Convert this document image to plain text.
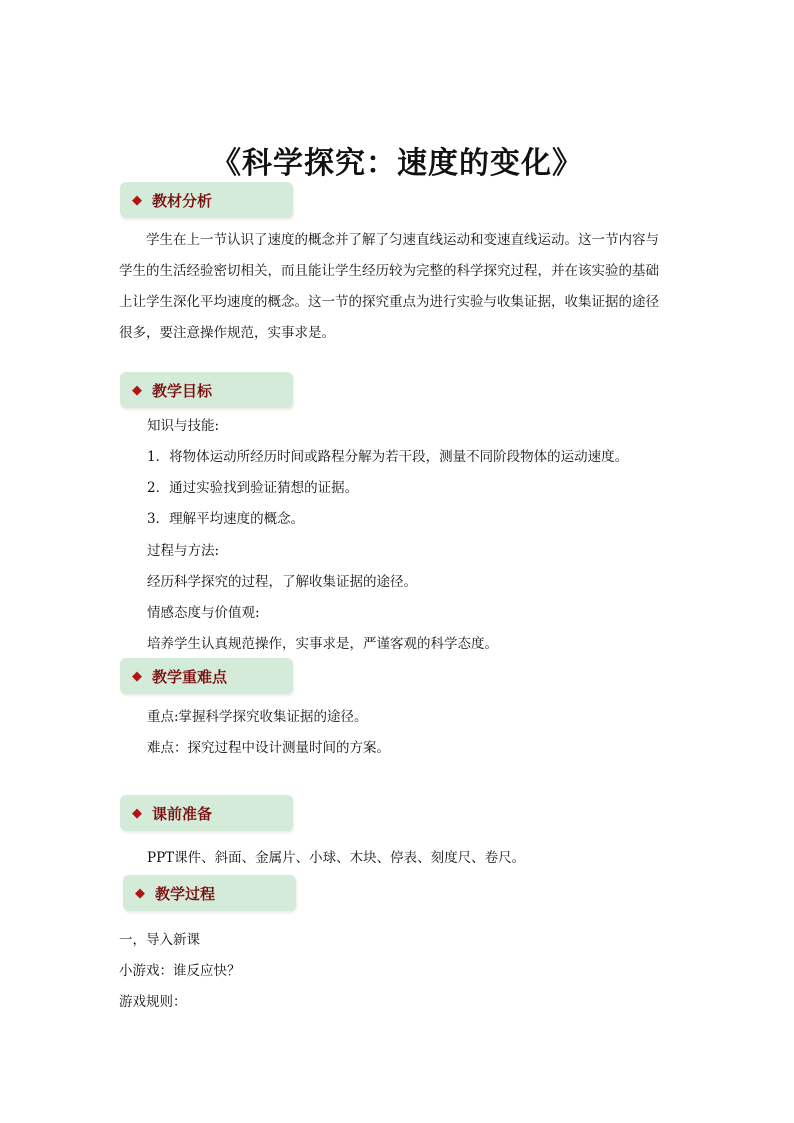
《科学探究：速度的变化》
◆ 教材分析
学生在上一节认识了速度的概念并了解了匀速直线运动和变速直线运动。这一节内容与
学生的生活经验密切相关，而且能让学生经历较为完整的科学探究过程，并在该实验的基础
上让学生深化平均速度的概念。这一节的探究重点为进行实验与收集证据，收集证据的途径
很多，要注意操作规范，实事求是。
◆ 教学目标
知识与技能:
1．将物体运动所经历时间或路程分解为若干段，测量不同阶段物体的运动速度。
2．通过实验找到验证猜想的证据。
3．理解平均速度的概念。
过程与方法:
经历科学探究的过程，了解收集证据的途径。
情感态度与价值观:
培养学生认真规范操作，实事求是，严谨客观的科学态度。
◆ 教学重难点
重点:掌握科学探究收集证据的途径。
难点：探究过程中设计测量时间的方案。
◆ 课前准备
PPT课件、斜面、金属片、小球、木块、停表、刻度尺、卷尺。
◆ 教学过程
一，导入新课
小游戏：谁反应快？
游戏规则：
